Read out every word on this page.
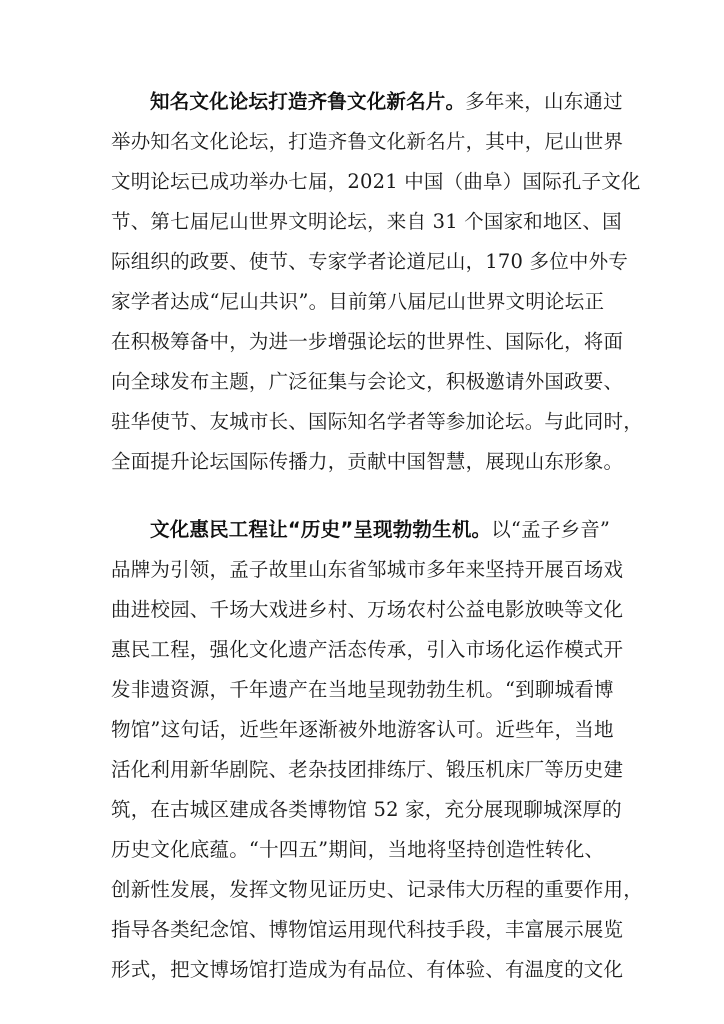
知名文化论坛打造齐鲁文化新名片。多年来，山东通过
举办知名文化论坛，打造齐鲁文化新名片，其中，尼山世界
文明论坛已成功举办七届，2021 中国（曲阜）国际孔子文化
节、第七届尼山世界文明论坛，来自 31 个国家和地区、国
际组织的政要、使节、专家学者论道尼山，170 多位中外专
家学者达成“尼山共识”。目前第八届尼山世界文明论坛正
在积极筹备中，为进一步增强论坛的世界性、国际化，将面
向全球发布主题，广泛征集与会论文，积极邀请外国政要、
驻华使节、友城市长、国际知名学者等参加论坛。与此同时，
全面提升论坛国际传播力，贡献中国智慧，展现山东形象。
文化惠民工程让“历史”呈现勃勃生机。以“孟子乡音”
品牌为引领，孟子故里山东省邹城市多年来坚持开展百场戏
曲进校园、千场大戏进乡村、万场农村公益电影放映等文化
惠民工程，强化文化遗产活态传承，引入市场化运作模式开
发非遗资源，千年遗产在当地呈现勃勃生机。“到聊城看博
物馆”这句话，近些年逐渐被外地游客认可。近些年，当地
活化利用新华剧院、老杂技团排练厅、锻压机床厂等历史建
筑，在古城区建成各类博物馆 52 家，充分展现聊城深厚的
历史文化底蕴。“十四五”期间，当地将坚持创造性转化、
创新性发展，发挥文物见证历史、记录伟大历程的重要作用，
指导各类纪念馆、博物馆运用现代科技手段，丰富展示展览
形式，把文博场馆打造成为有品位、有体验、有温度的文化
